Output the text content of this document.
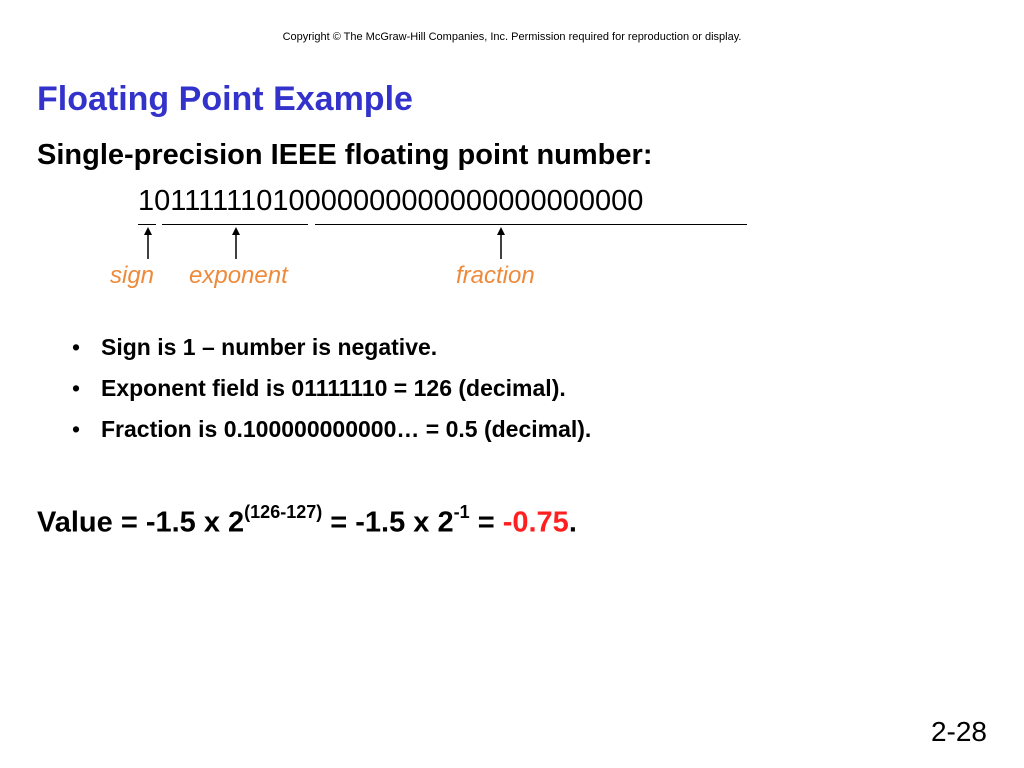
Copyright © The McGraw-Hill Companies, Inc. Permission required for reproduction or display.
Floating Point Example
Single-precision IEEE floating point number:
10111111010000000000000000000000
sign exponent	fraction
• Sign is 1 – number is negative.
• Exponent field is 01111110 = 126 (decimal).
• Fraction is 0.100000000000… = 0.5 (decimal).
Value = -1.5 x $2^{(126-127)} = -1.5$ x $2^{-1} = -0.75$.
2-28
